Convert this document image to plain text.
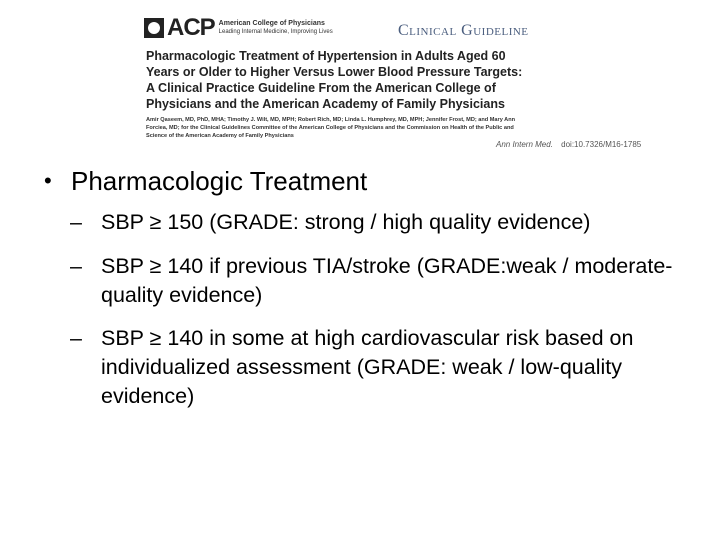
ACP American College of Physicians
Leading Internal Medicine, Improving Lives	Clinical Guideline
Pharmacologic Treatment of Hypertension in Adults Aged 60 Years or Older to Higher Versus Lower Blood Pressure Targets: A Clinical Practice Guideline From the American College of Physicians and the American Academy of Family Physicians
Amir Qaseem, MD, PhD, MHA; Timothy J. Wilt, MD, MPH; Robert Rich, MD; Linda L. Humphrey, MD, MPH; Jennifer Frost, MD; and Mary Ann Forciea, MD; for the Clinical Guidelines Committee of the American College of Physicians and the Commission on Health of the Public and Science of the American Academy of Family Physicians
Ann Intern Med. doi:10.7326/M16-1785
• Pharmacologic Treatment
– SBP ≥ 150 (GRADE: strong / high quality evidence)
– SBP ≥ 140 if previous TIA/stroke (GRADE:weak / moderate-quality evidence)
– SBP ≥ 140 in some at high cardiovascular risk based on individualized assessment (GRADE: weak / low-quality evidence)
